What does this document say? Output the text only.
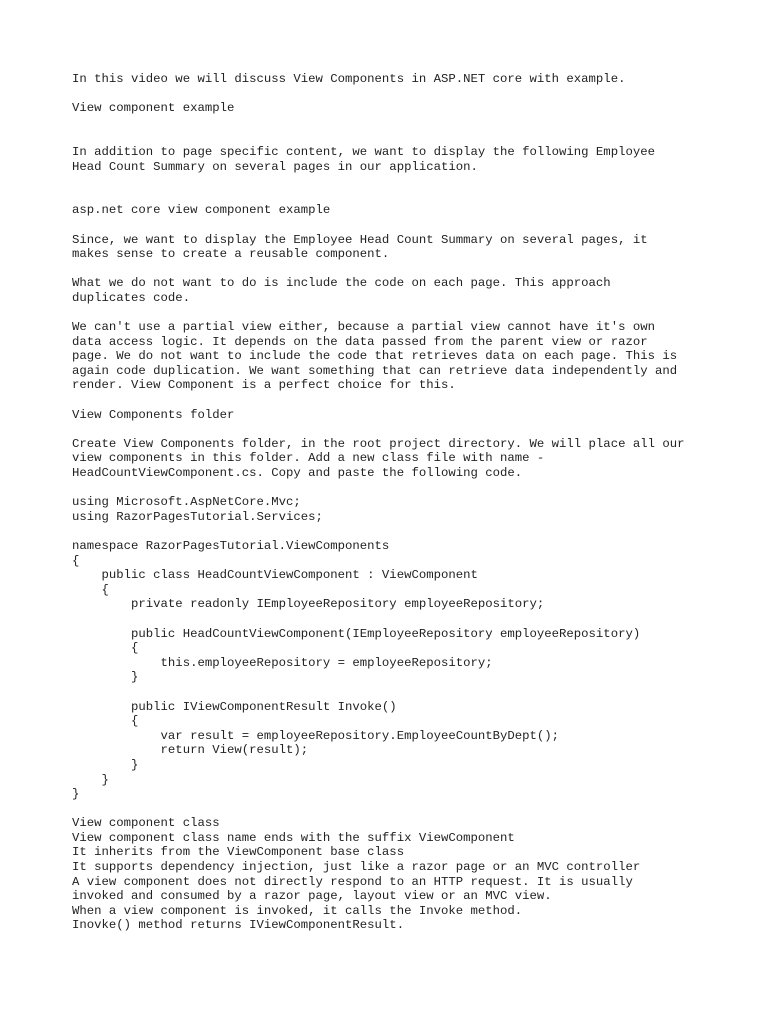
In this video we will discuss View Components in ASP.NET core with example.
View component example
In addition to page specific content, we want to display the following Employee
Head Count Summary on several pages in our application.
asp.net core view component example
Since, we want to display the Employee Head Count Summary on several pages, it
makes sense to create a reusable component.
What we do not want to do is include the code on each page. This approach
duplicates code.
We can't use a partial view either, because a partial view cannot have it's own
data access logic. It depends on the data passed from the parent view or razor
page. We do not want to include the code that retrieves data on each page. This is
again code duplication. We want something that can retrieve data independently and
render. View Component is a perfect choice for this.
View Components folder
Create View Components folder, in the root project directory. We will place all our
view components in this folder. Add a new class file with name -
HeadCountViewComponent.cs. Copy and paste the following code.
using Microsoft.AspNetCore.Mvc;
using RazorPagesTutorial.Services;
namespace RazorPagesTutorial.ViewComponents
{
public class HeadCountViewComponent : ViewComponent
{
private readonly IEmployeeRepository employeeRepository;
public HeadCountViewComponent(IEmployeeRepository employeeRepository)
{
this.employeeRepository = employeeRepository;
}
public IViewComponentResult Invoke()
{
var result = employeeRepository.EmployeeCountByDept();
return View(result);
}
}
}
View component class
View component class name ends with the suffix ViewComponent
It inherits from the ViewComponent base class
It supports dependency injection, just like a razor page or an MVC controller
A view component does not directly respond to an HTTP request. It is usually
invoked and consumed by a razor page, layout view or an MVC view.
When a view component is invoked, it calls the Invoke method.
Inovke() method returns IViewComponentResult.
